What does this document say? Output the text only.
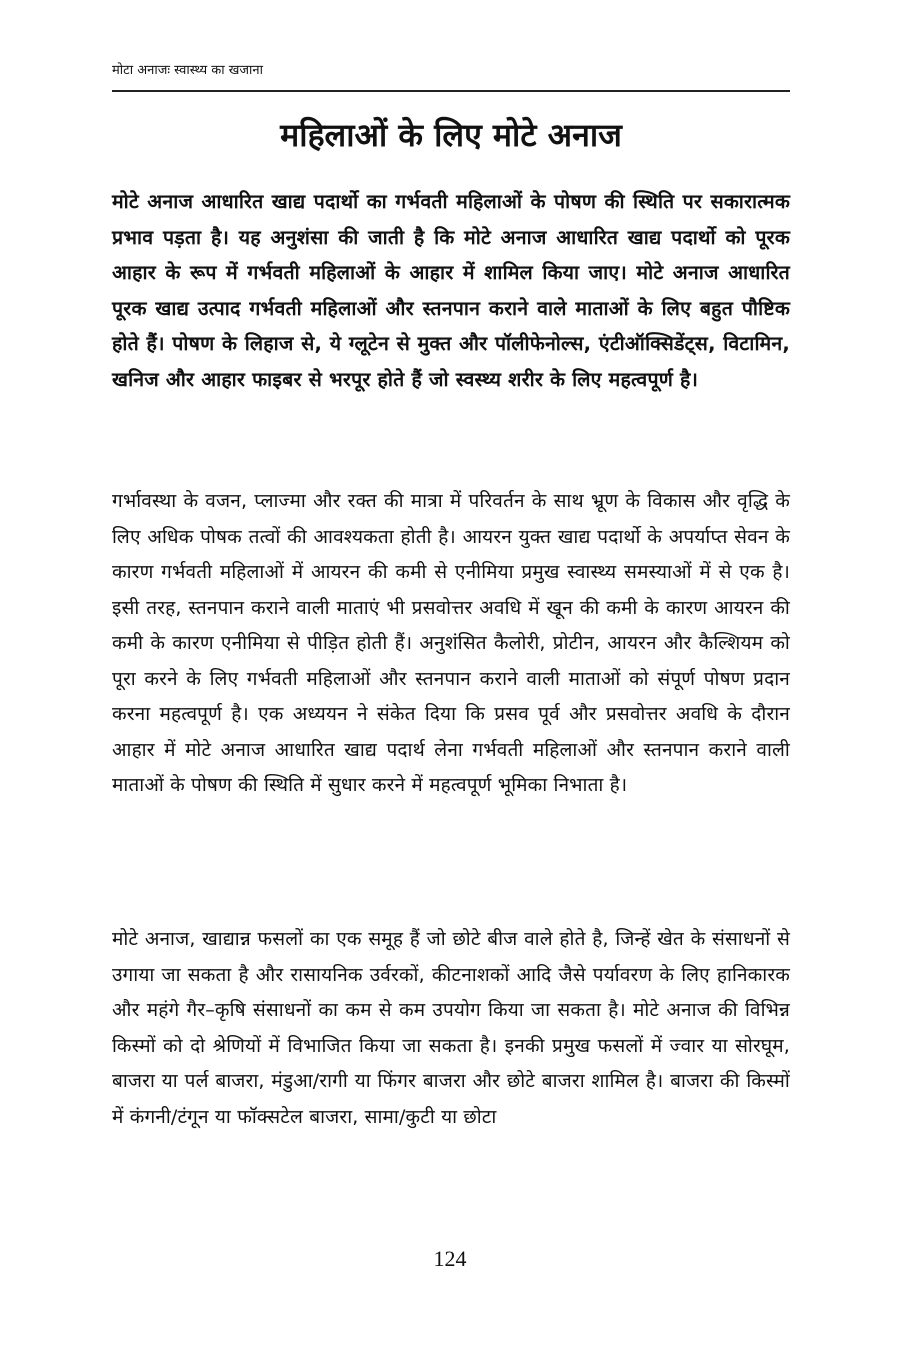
मोटा अनाजः स्वास्थ्य का खजाना
महिलाओं के लिए मोटे अनाज

मोटे अनाज आधारित खाद्य पदार्थो का गर्भवती महिलाओं के पोषण की स्थिति पर सकारात्मक प्रभाव पड़ता है। यह अनुशंसा की जाती है कि मोटे अनाज आधारित खाद्य पदार्थो को पूरक आहार के रूप में गर्भवती महिलाओं के आहार में शामिल किया जाए। मोटे अनाज आधारित पूरक खाद्य उत्पाद गर्भवती महिलाओं और स्तनपान कराने वाले माताओं के लिए बहुत पौष्टिक होते हैं। पोषण के लिहाज से, ये ग्लूटेन से मुक्त और पॉलीफेनोल्स, एंटीऑक्सिडेंट्स, विटामिन, खनिज और आहार फाइबर से भरपूर होते हैं जो स्वस्थ्य शरीर के लिए महत्वपूर्ण है।

गर्भावस्था के वजन, प्लाज्मा और रक्त की मात्रा में परिवर्तन के साथ भ्रूण के विकास और वृद्धि के लिए अधिक पोषक तत्वों की आवश्यकता होती है। आयरन युक्त खाद्य पदार्थो के अपर्याप्त सेवन के कारण गर्भवती महिलाओं में आयरन की कमी से एनीमिया प्रमुख स्वास्थ्य समस्याओं में से एक है। इसी तरह, स्तनपान कराने वाली माताएं भी प्रसवोत्तर अवधि में खून की कमी के कारण आयरन की कमी के कारण एनीमिया से पीड़ित होती हैं। अनुशंसित कैलोरी, प्रोटीन, आयरन और कैल्शियम को पूरा करने के लिए गर्भवती महिलाओं और स्तनपान कराने वाली माताओं को संपूर्ण पोषण प्रदान करना महत्वपूर्ण है। एक अध्ययन ने संकेत दिया कि प्रसव पूर्व और प्रसवोत्तर अवधि के दौरान आहार में मोटे अनाज आधारित खाद्य पदार्थ लेना गर्भवती महिलाओं और स्तनपान कराने वाली माताओं के पोषण की स्थिति में सुधार करने में महत्वपूर्ण भूमिका निभाता है।

मोटे अनाज, खाद्यान्न फसलों का एक समूह हैं जो छोटे बीज वाले होते है, जिन्हें खेत के संसाधनों से उगाया जा सकता है और रासायनिक उर्वरकों, कीटनाशकों आदि जैसे पर्यावरण के लिए हानिकारक और महंगे गैर–कृषि संसाधनों का कम से कम उपयोग किया जा सकता है। मोटे अनाज की विभिन्न किस्मों को दो श्रेणियों में विभाजित किया जा सकता है। इनकी प्रमुख फसलों में ज्वार या सोरघूम, बाजरा या पर्ल बाजरा, मंडुआ/रागी या फिंगर बाजरा और छोटे बाजरा शामिल है। बाजरा की किस्मों में कंगनी/टंगून या फॉक्सटेल बाजरा, सामा/कुटी या छोटा

124
